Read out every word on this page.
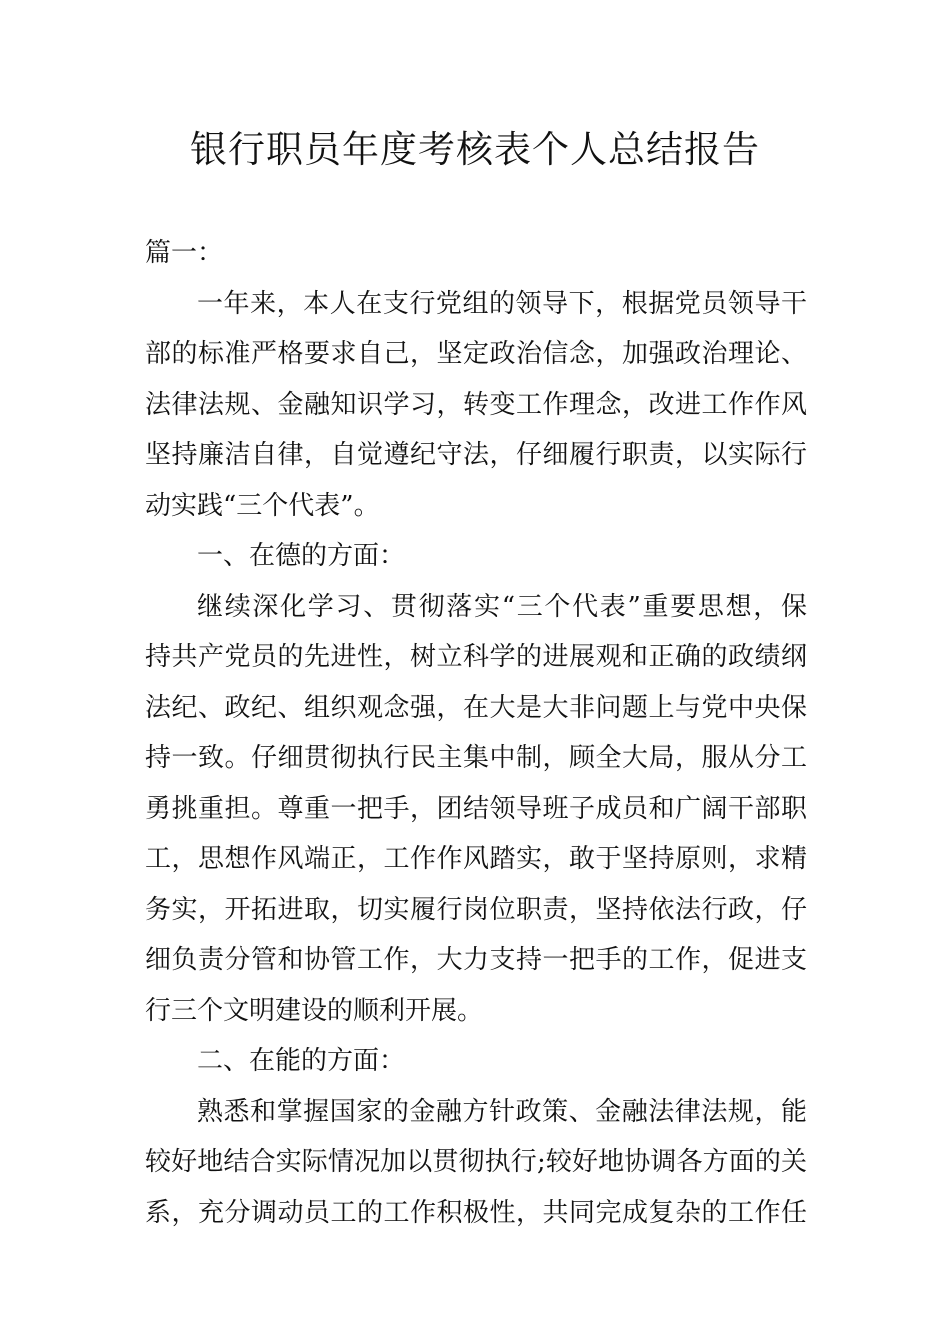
银行职员年度考核表个人总结报告
篇一：
一年来，本人在支行党组的领导下，根据党员领导干
部的标准严格要求自己，坚定政治信念，加强政治理论、
法律法规、金融知识学习，转变工作理念，改进工作作风
坚持廉洁自律，自觉遵纪守法，仔细履行职责，以实际行
动实践“三个代表”。
一、在德的方面：
继续深化学习、贯彻落实“三个代表”重要思想，保
持共产党员的先进性，树立科学的进展观和正确的政绩纲
法纪、政纪、组织观念强，在大是大非问题上与党中央保
持一致。仔细贯彻执行民主集中制，顾全大局，服从分工
勇挑重担。尊重一把手，团结领导班子成员和广阔干部职
工，思想作风端正，工作作风踏实，敢于坚持原则，求精
务实，开拓进取，切实履行岗位职责，坚持依法行政，仔
细负责分管和协管工作，大力支持一把手的工作，促进支
行三个文明建设的顺利开展。
二、在能的方面：
熟悉和掌握国家的金融方针政策、金融法律法规，能
较好地结合实际情况加以贯彻执行;较好地协调各方面的关
系，充分调动员工的工作积极性，共同完成复杂的工作任
